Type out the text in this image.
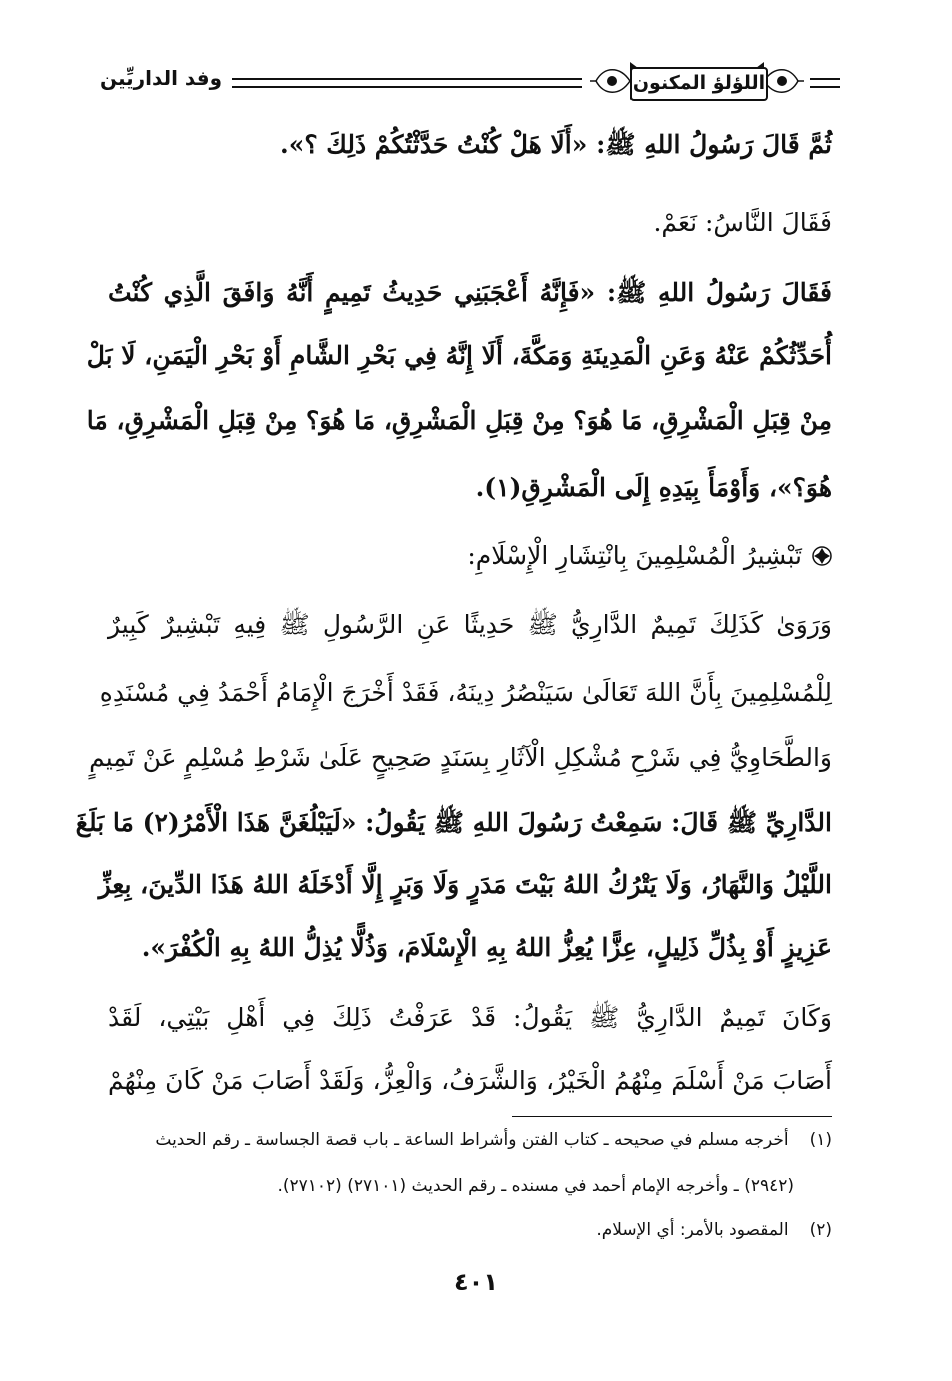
وفد الداريِّين	اللؤلؤ المكنون
ثُمَّ قَالَ رَسُولُ اللهِ ﷺ: «أَلَا هَلْ كُنْتُ حَدَّثْتُكُمْ ذَلِكَ ؟».
فَقَالَ النَّاسُ: نَعَمْ.
فَقَالَ رَسُولُ اللهِ ﷺ: «فَإِنَّهُ أَعْجَبَنِي حَدِيثُ تَمِيمٍ أَنَّهُ وَافَقَ الَّذِي كُنْتُ
أُحَدِّثُكُمْ عَنْهُ وَعَنِ الْمَدِينَةِ وَمَكَّةَ، أَلَا إِنَّهُ فِي بَحْرِ الشَّامِ أَوْ بَحْرِ الْيَمَنِ، لَا بَلْ
مِنْ قِبَلِ الْمَشْرِقِ، مَا هُوَ؟ مِنْ قِبَلِ الْمَشْرِقِ، مَا هُوَ؟ مِنْ قِبَلِ الْمَشْرِقِ، مَا
هُوَ؟»، وَأَوْمَأَ بِيَدِهِ إِلَى الْمَشْرِقِ(١).
تَبْشِيرُ الْمُسْلِمِينَ بِانْتِشَارِ الْإِسْلَامِ:
وَرَوَىٰ كَذَلِكَ تَمِيمٌ الدَّارِيُّ ﷺ حَدِيثًا عَنِ الرَّسُولِ ﷺ فِيهِ تَبْشِيرٌ كَبِيرٌ
لِلْمُسْلِمِينَ بِأَنَّ اللهَ تَعَالَىٰ سَيَنْصُرُ دِينَهُ، فَقَدْ أَخْرَجَ الْإِمَامُ أَحْمَدُ فِي مُسْنَدِهِ
وَالطَّحَاوِيُّ فِي شَرْحِ مُشْكِلِ الْآثَارِ بِسَنَدٍ صَحِيحٍ عَلَىٰ شَرْطِ مُسْلِمٍ عَنْ تَمِيمٍ
الدَّارِيِّ ﷺ قَالَ: سَمِعْتُ رَسُولَ اللهِ ﷺ يَقُولُ: «لَيَبْلُغَنَّ هَذَا الْأَمْرُ(٢) مَا بَلَغَ
اللَّيْلُ وَالنَّهَارُ، وَلَا يَتْرُكُ اللهُ بَيْتَ مَدَرٍ وَلَا وَبَرٍ إِلَّا أَدْخَلَهُ اللهُ هَذَا الدِّينَ، بِعِزِّ
عَزِيزٍ أَوْ بِذُلِّ ذَلِيلٍ، عِزًّا يُعِزُّ اللهُ بِهِ الْإِسْلَامَ، وَذُلًّا يُذِلُّ اللهُ بِهِ الْكُفْرَ».
وَكَانَ تَمِيمٌ الدَّارِيُّ ﷺ يَقُولُ: قَدْ عَرَفْتُ ذَلِكَ فِي أَهْلِ بَيْتِي، لَقَدْ
أَصَابَ مَنْ أَسْلَمَ مِنْهُمُ الْخَيْرُ، وَالشَّرَفُ، وَالْعِزُّ، وَلَقَدْ أَصَابَ مَنْ كَانَ مِنْهُمْ
(١) أخرجه مسلم في صحيحه ـ كتاب الفتن وأشراط الساعة ـ باب قصة الجساسة ـ رقم الحديث
(٢٩٤٢) ـ وأخرجه الإمام أحمد في مسنده ـ رقم الحديث (٢٧١٠١) (٢٧١٠٢).
(٢) المقصود بالأمر: أي الإسلام.
٤٠١
